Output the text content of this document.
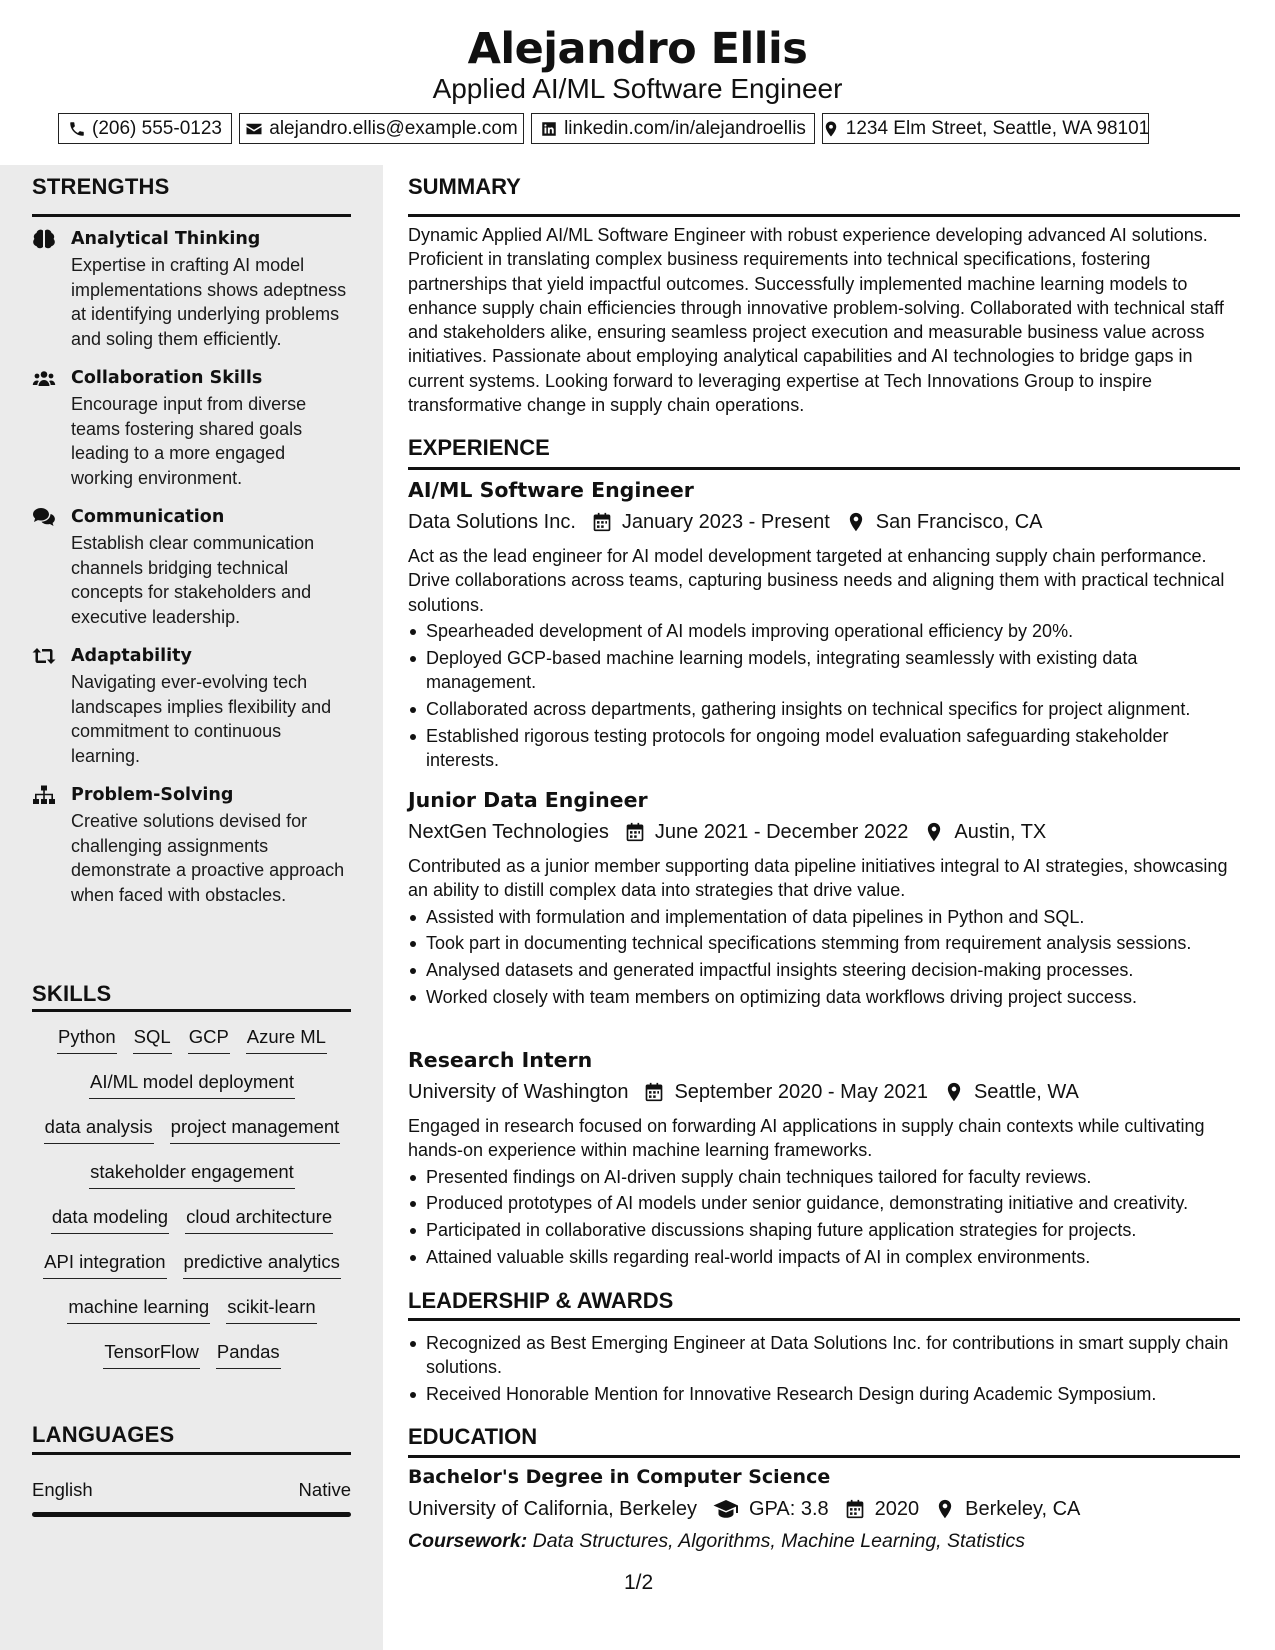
Alejandro Ellis
Applied AI/ML Software Engineer
(206) 555-0123 alejandro.ellis@example.com linkedin.com/in/alejandroellis 1234 Elm Street, Seattle, WA 98101
STRENGTHS
Analytical Thinking
Expertise in crafting AI model implementations shows adeptness at identifying underlying problems and soling them efficiently.
Collaboration Skills
Encourage input from diverse teams fostering shared goals leading to a more engaged working environment.
Communication
Establish clear communication channels bridging technical concepts for stakeholders and executive leadership.
Adaptability
Navigating ever-evolving tech landscapes implies flexibility and commitment to continuous learning.
Problem-Solving
Creative solutions devised for challenging assignments demonstrate a proactive approach when faced with obstacles.
SKILLS
Python SQL GCP Azure ML
AI/ML model deployment
data analysis project management
stakeholder engagement
data modeling cloud architecture
API integration predictive analytics
machine learning scikit-learn
TensorFlow Pandas
LANGUAGES
English	Native
SUMMARY
Dynamic Applied AI/ML Software Engineer with robust experience developing advanced AI solutions. Proficient in translating complex business requirements into technical specifications, fostering partnerships that yield impactful outcomes. Successfully implemented machine learning models to enhance supply chain efficiencies through innovative problem-solving. Collaborated with technical staff and stakeholders alike, ensuring seamless project execution and measurable business value across initiatives. Passionate about employing analytical capabilities and AI technologies to bridge gaps in current systems. Looking forward to leveraging expertise at Tech Innovations Group to inspire transformative change in supply chain operations.
EXPERIENCE
AI/ML Software Engineer
Data Solutions Inc. January 2023 - Present San Francisco, CA
Act as the lead engineer for AI model development targeted at enhancing supply chain performance. Drive collaborations across teams, capturing business needs and aligning them with practical technical solutions.
Spearheaded development of AI models improving operational efficiency by 20%.
Deployed GCP-based machine learning models, integrating seamlessly with existing data management.
Collaborated across departments, gathering insights on technical specifics for project alignment.
Established rigorous testing protocols for ongoing model evaluation safeguarding stakeholder interests.
Junior Data Engineer
NextGen Technologies June 2021 - December 2022 Austin, TX
Contributed as a junior member supporting data pipeline initiatives integral to AI strategies, showcasing an ability to distill complex data into strategies that drive value.
Assisted with formulation and implementation of data pipelines in Python and SQL.
Took part in documenting technical specifications stemming from requirement analysis sessions.
Analysed datasets and generated impactful insights steering decision-making processes.
Worked closely with team members on optimizing data workflows driving project success.
Research Intern
University of Washington September 2020 - May 2021 Seattle, WA
Engaged in research focused on forwarding AI applications in supply chain contexts while cultivating hands-on experience within machine learning frameworks.
Presented findings on AI-driven supply chain techniques tailored for faculty reviews.
Produced prototypes of AI models under senior guidance, demonstrating initiative and creativity.
Participated in collaborative discussions shaping future application strategies for projects.
Attained valuable skills regarding real-world impacts of AI in complex environments.
LEADERSHIP & AWARDS
Recognized as Best Emerging Engineer at Data Solutions Inc. for contributions in smart supply chain solutions.
Received Honorable Mention for Innovative Research Design during Academic Symposium.
EDUCATION
Bachelor's Degree in Computer Science
University of California, Berkeley	GPA: 3.8 2020 Berkeley, CA
Coursework: Data Structures, Algorithms, Machine Learning, Statistics
1/2
